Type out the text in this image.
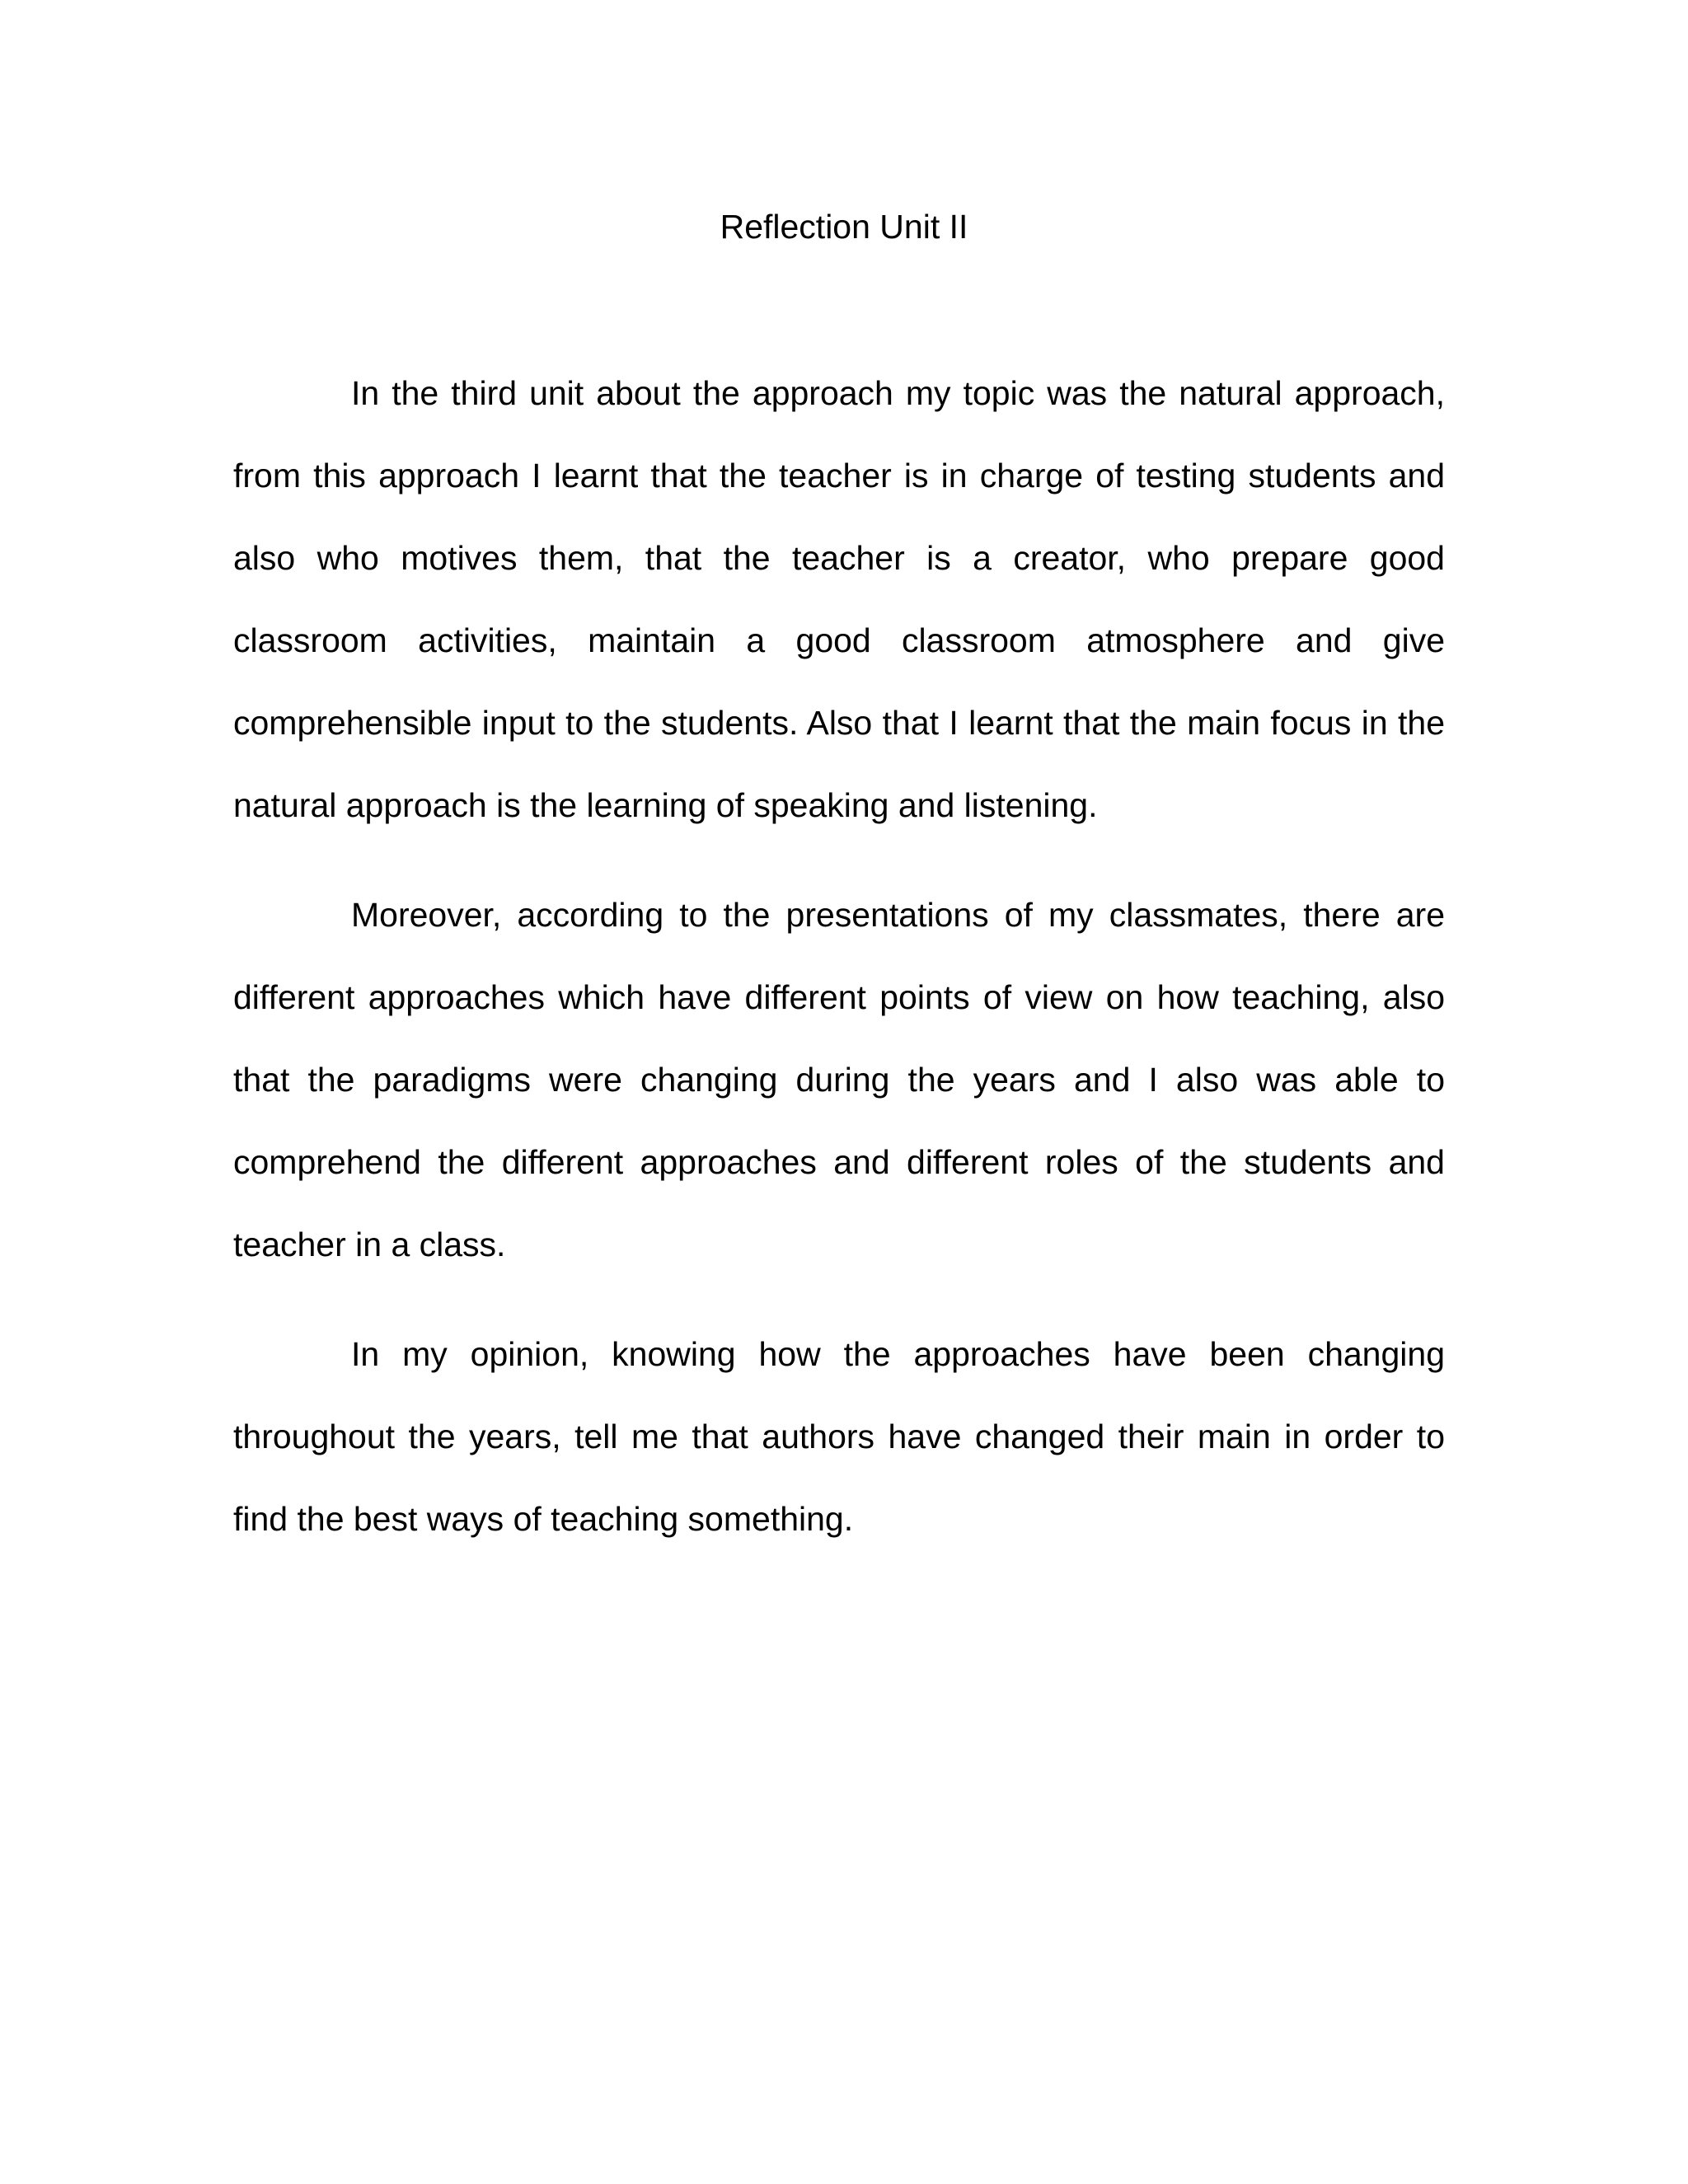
Reflection Unit II

In the third unit about the approach my topic was the natural approach, from this approach I learnt that the teacher is in charge of testing students and also who motives them, that the teacher is a creator, who prepare good classroom activities, maintain a good classroom atmosphere and give comprehensible input to the students. Also that I learnt that the main focus in the natural approach is the learning of speaking and listening.

Moreover, according to the presentations of my classmates, there are different approaches which have different points of view on how teaching, also that the paradigms were changing during the years and I also was able to comprehend the different approaches and different roles of the students and teacher in a class.

In my opinion, knowing how the approaches have been changing throughout the years, tell me that authors have changed their main in order to find the best ways of teaching something.
